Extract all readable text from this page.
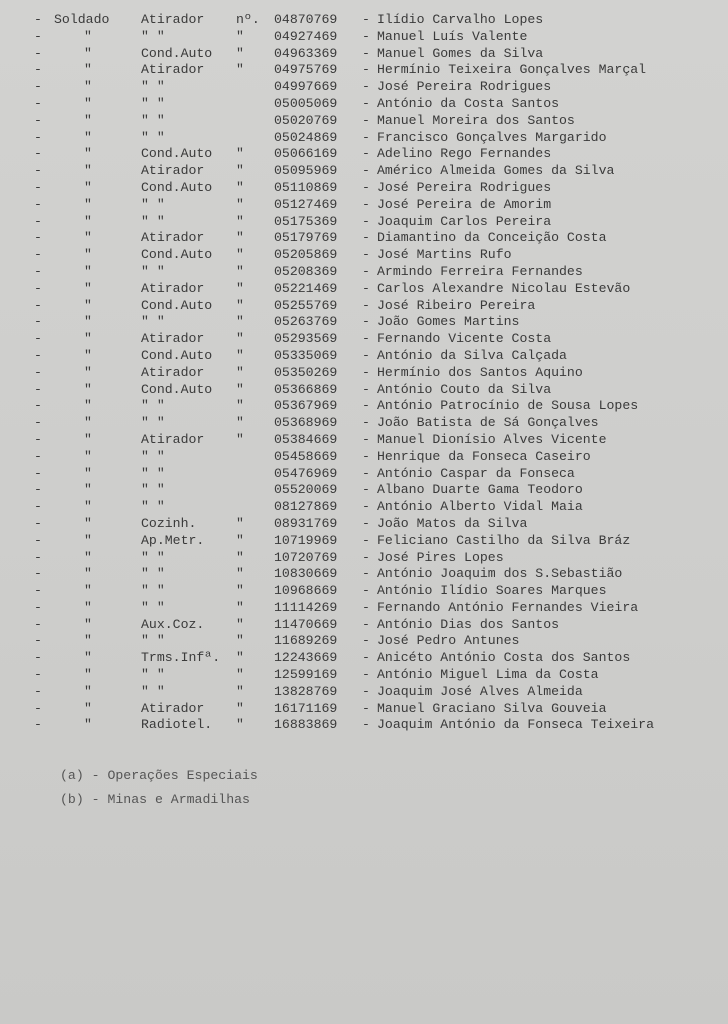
- Soldado Atirador nº. 04870769 - Ilídio Carvalho Lopes
-	"	" "	" 04927469 - Manuel Luís Valente
-	"	Cond.Auto " 04963369 - Manuel Gomes da Silva
-	"	Atirador " 04975769 - Hermínio Teixeira Gonçalves Marçal
-	"	" "	04997669 - José Pereira Rodrigues
-	"	" "	05005069 - António da Costa Santos
-	"	" "	05020769 - Manuel Moreira dos Santos
-	"	" "	05024869 - Francisco Gonçalves Margarido
-	"	Cond.Auto " 05066169 - Adelino Rego Fernandes
-	"	Atirador " 05095969 - Américo Almeida Gomes da Silva
-	"	Cond.Auto " 05110869 - José Pereira Rodrigues
-	"	" "	" 05127469 - José Pereira de Amorim
-	"	" "	" 05175369 - Joaquim Carlos Pereira
-	"	Atirador " 05179769 - Diamantino da Conceição Costa
-	"	Cond.Auto " 05205869 - José Martins Rufo
-	"	" "	" 05208369 - Armindo Ferreira Fernandes
-	"	Atirador " 05221469 - Carlos Alexandre Nicolau Estevão
-	"	Cond.Auto " 05255769 - José Ribeiro Pereira
-	"	" "	" 05263769 - João Gomes Martins
-	"	Atirador " 05293569 - Fernando Vicente Costa
-	"	Cond.Auto " 05335069 - António da Silva Calçada
-	"	Atirador " 05350269 - Hermínio dos Santos Aquino
-	"	Cond.Auto " 05366869 - António Couto da Silva
-	"	" "	" 05367969 - António Patrocínio de Sousa Lopes
-	"	" "	" 05368969 - João Batista de Sá Gonçalves
-	"	Atirador " 05384669 - Manuel Dionísio Alves Vicente
-	"	" "	05458669 - Henrique da Fonseca Caseiro
-	"	" "	05476969 - António Caspar da Fonseca
-	"	" "	05520069 - Albano Duarte Gama Teodoro
-	"	" "	08127869 - António Alberto Vidal Maia
-	"	Cozinh.	" 08931769 - João Matos da Silva
-	"	Ap.Metr. " 10719969 - Feliciano Castilho da Silva Bráz
-	"	" "	" 10720769 - José Pires Lopes
-	"	" "	" 10830669 - António Joaquim dos S.Sebastião
-	"	" "	" 10968669 - António Ilídio Soares Marques
-	"	" "	" 11114269 - Fernando António Fernandes Vieira
-	"	Aux.Coz. " 11470669 - António Dias dos Santos
-	"	" "	" 11689269 - José Pedro Antunes
-	"	Trms.Infª. " 12243669 - Anicéto António Costa dos Santos
-	"	" "	" 12599169 - António Miguel Lima da Costa
-	"	" "	" 13828769 - Joaquim José Alves Almeida
-	"	Atirador " 16171169 - Manuel Graciano Silva Gouveia
-	"	Radiotel. " 16883869 - Joaquim António da Fonseca Teixeira
(a) - Operações Especiais
(b) - Minas e Armadilhas
